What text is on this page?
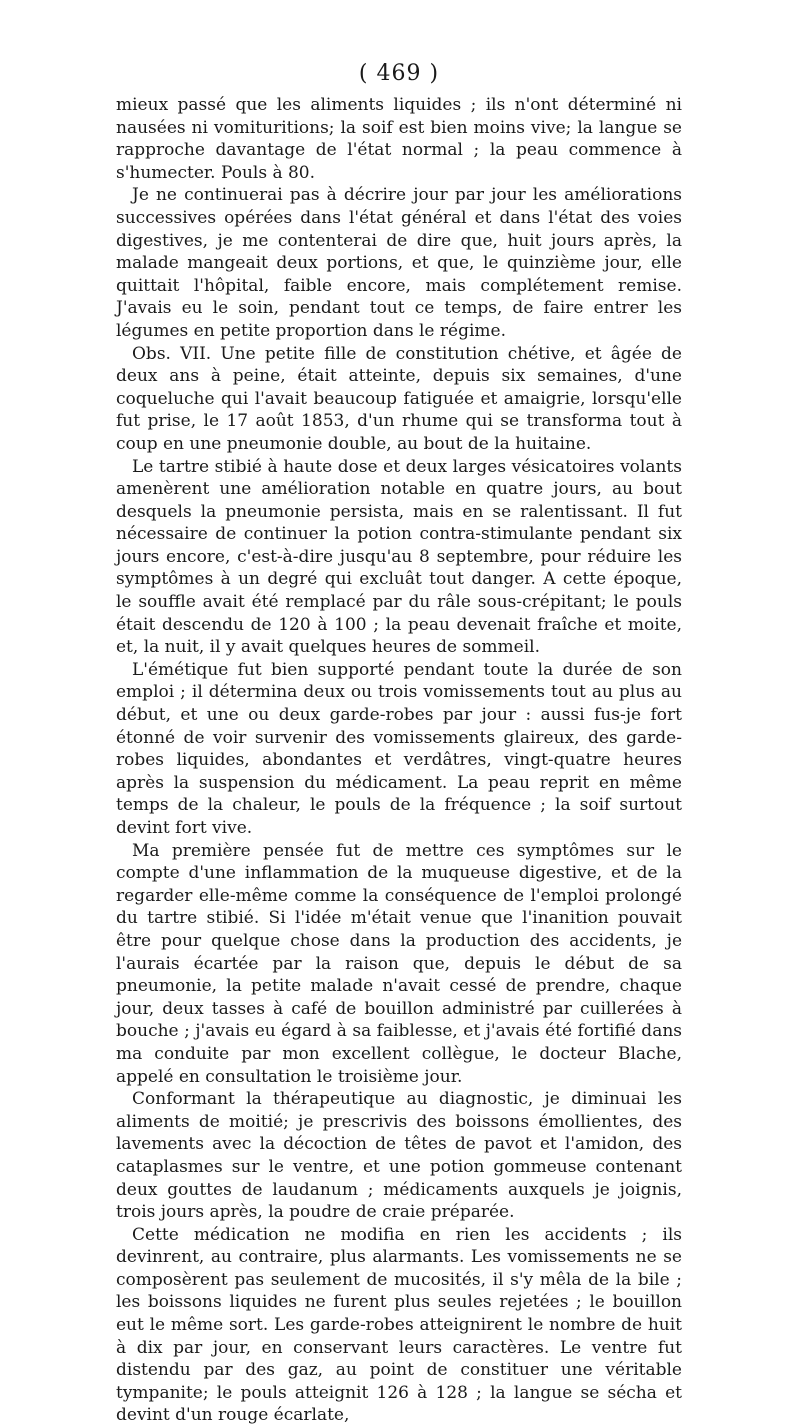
( 469 )

mieux passé que les aliments liquides ; ils n'ont déterminé ni nausées ni vomituritions; la soif est bien moins vive; la langue se rapproche davantage de l'état normal ; la peau commence à s'humecter. Pouls à 80.

Je ne continuerai pas à décrire jour par jour les améliorations successives opérées dans l'état général et dans l'état des voies digestives, je me contenterai de dire que, huit jours après, la malade mangeait deux portions, et que, le quinzième jour, elle quittait l'hôpital, faible encore, mais complétement remise. J'avais eu le soin, pendant tout ce temps, de faire entrer les légumes en petite proportion dans le régime.

Obs. VII. Une petite fille de constitution chétive, et âgée de deux ans à peine, était atteinte, depuis six semaines, d'une coqueluche qui l'avait beaucoup fatiguée et amaigrie, lorsqu'elle fut prise, le 17 août 1853, d'un rhume qui se transforma tout à coup en une pneumonie double, au bout de la huitaine.

Le tartre stibié à haute dose et deux larges vésicatoires volants amenèrent une amélioration notable en quatre jours, au bout desquels la pneumonie persista, mais en se ralentissant. Il fut nécessaire de continuer la potion contra-stimulante pendant six jours encore, c'est-à-dire jusqu'au 8 septembre, pour réduire les symptômes à un degré qui excluât tout danger. A cette époque, le souffle avait été remplacé par du râle sous-crépitant; le pouls était descendu de 120 à 100 ; la peau devenait fraîche et moite, et, la nuit, il y avait quelques heures de sommeil.

L'émétique fut bien supporté pendant toute la durée de son emploi ; il détermina deux ou trois vomissements tout au plus au début, et une ou deux garde-robes par jour : aussi fus-je fort étonné de voir survenir des vomissements glaireux, des garde-robes liquides, abondantes et verdâtres, vingt-quatre heures après la suspension du médicament. La peau reprit en même temps de la chaleur, le pouls de la fréquence ; la soif surtout devint fort vive.

Ma première pensée fut de mettre ces symptômes sur le compte d'une inflammation de la muqueuse digestive, et de la regarder elle-même comme la conséquence de l'emploi prolongé du tartre stibié. Si l'idée m'était venue que l'inanition pouvait être pour quelque chose dans la production des accidents, je l'aurais écartée par la raison que, depuis le début de sa pneumonie, la petite malade n'avait cessé de prendre, chaque jour, deux tasses à café de bouillon administré par cuillerées à bouche ; j'avais eu égard à sa faiblesse, et j'avais été fortifié dans ma conduite par mon excellent collègue, le docteur Blache, appelé en consultation le troisième jour.

Conformant la thérapeutique au diagnostic, je diminuai les aliments de moitié; je prescrivis des boissons émollientes, des lavements avec la décoction de têtes de pavot et l'amidon, des cataplasmes sur le ventre, et une potion gommeuse contenant deux gouttes de laudanum ; médicaments auxquels je joignis, trois jours après, la poudre de craie préparée.

Cette médication ne modifia en rien les accidents ; ils devinrent, au contraire, plus alarmants. Les vomissements ne se composèrent pas seulement de mucosités, il s'y mêla de la bile ; les boissons liquides ne furent plus seules rejetées ; le bouillon eut le même sort. Les garde-robes atteignirent le nombre de huit à dix par jour, en conservant leurs caractères. Le ventre fut distendu par des gaz, au point de constituer une véritable tympanite; le pouls atteignit 126 à 128 ; la langue se sécha et devint d'un rouge écarlate,
